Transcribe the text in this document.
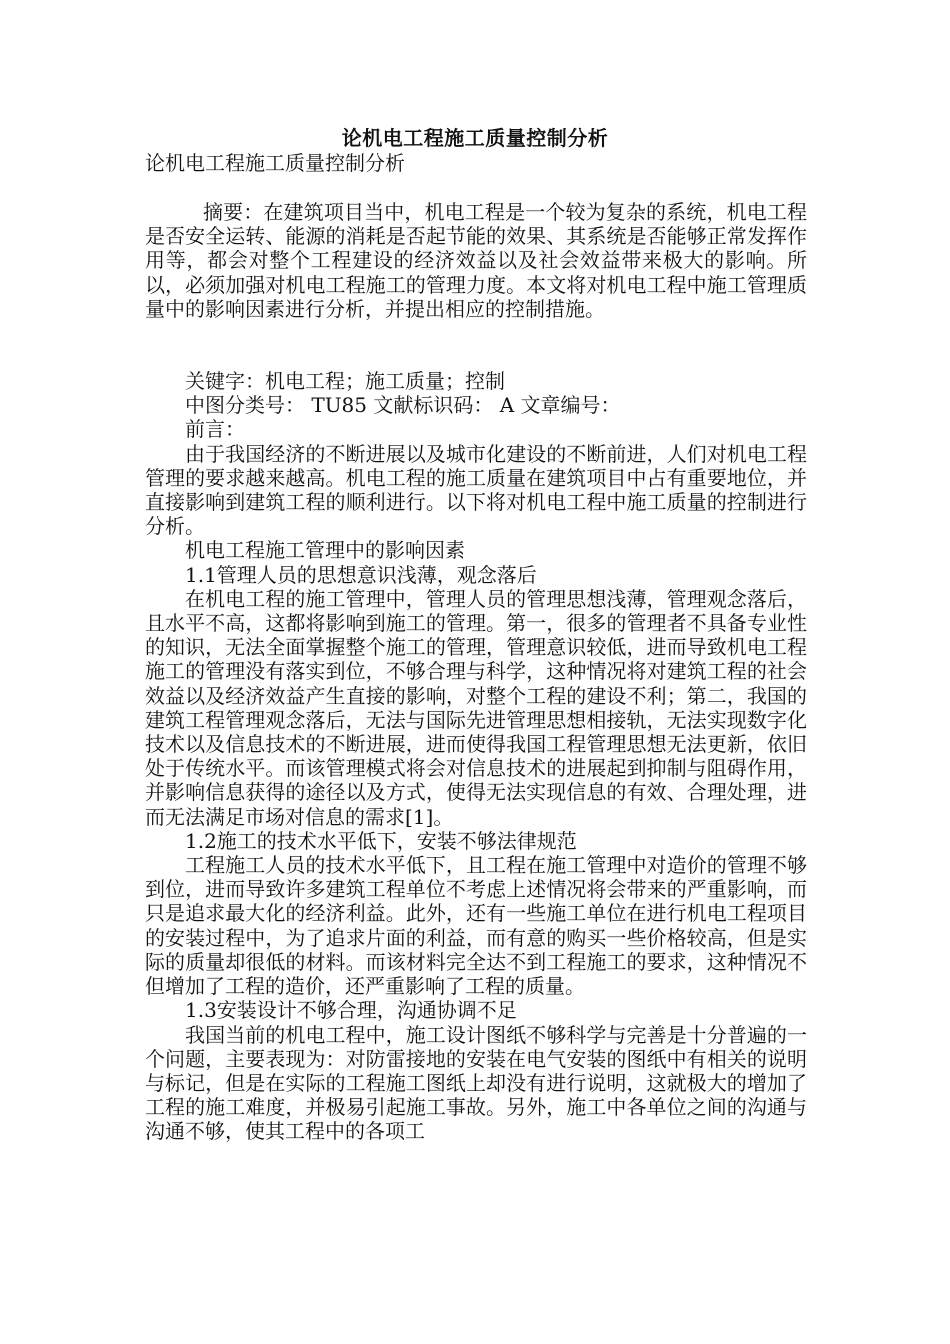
论机电工程施工质量控制分析
论机电工程施工质量控制分析

摘要：在建筑项目当中，机电工程是一个较为复杂的系统，机电工程是否安全运转、能源的消耗是否起节能的效果、其系统是否能够正常发挥作用等，都会对整个工程建设的经济效益以及社会效益带来极大的影响。所以，必须加强对机电工程施工的管理力度。本文将对机电工程中施工管理质量中的影响因素进行分析，并提出相应的控制措施。

关键字：机电工程；施工质量；控制

中图分类号： TU85 文献标识码： A 文章编号：

前言：

由于我国经济的不断进展以及城市化建设的不断前进，人们对机电工程管理的要求越来越高。机电工程的施工质量在建筑项目中占有重要地位，并直接影响到建筑工程的顺利进行。以下将对机电工程中施工质量的控制进行分析。

机电工程施工管理中的影响因素

1.1管理人员的思想意识浅薄，观念落后

在机电工程的施工管理中，管理人员的管理思想浅薄，管理观念落后，且水平不高，这都将影响到施工的管理。第一，很多的管理者不具备专业性的知识，无法全面掌握整个施工的管理，管理意识较低，进而导致机电工程施工的管理没有落实到位，不够合理与科学，这种情况将对建筑工程的社会效益以及经济效益产生直接的影响，对整个工程的建设不利；第二，我国的建筑工程管理观念落后，无法与国际先进管理思想相接轨，无法实现数字化技术以及信息技术的不断进展，进而使得我国工程管理思想无法更新，依旧处于传统水平。而该管理模式将会对信息技术的进展起到抑制与阻碍作用，并影响信息获得的途径以及方式，使得无法实现信息的有效、合理处理，进而无法满足市场对信息的需求[1]。

1.2施工的技术水平低下，安装不够法律规范

工程施工人员的技术水平低下，且工程在施工管理中对造价的管理不够到位，进而导致许多建筑工程单位不考虑上述情况将会带来的严重影响，而只是追求最大化的经济利益。此外，还有一些施工单位在进行机电工程项目的安装过程中，为了追求片面的利益，而有意的购买一些价格较高，但是实际的质量却很低的材料。而该材料完全达不到工程施工的要求，这种情况不但增加了工程的造价，还严重影响了工程的质量。

1.3安装设计不够合理，沟通协调不足

我国当前的机电工程中，施工设计图纸不够科学与完善是十分普遍的一个问题，主要表现为：对防雷接地的安装在电气安装的图纸中有相关的说明与标记，但是在实际的工程施工图纸上却没有进行说明，这就极大的增加了工程的施工难度，并极易引起施工事故。另外，施工中各单位之间的沟通与沟通不够，使其工程中的各项工
